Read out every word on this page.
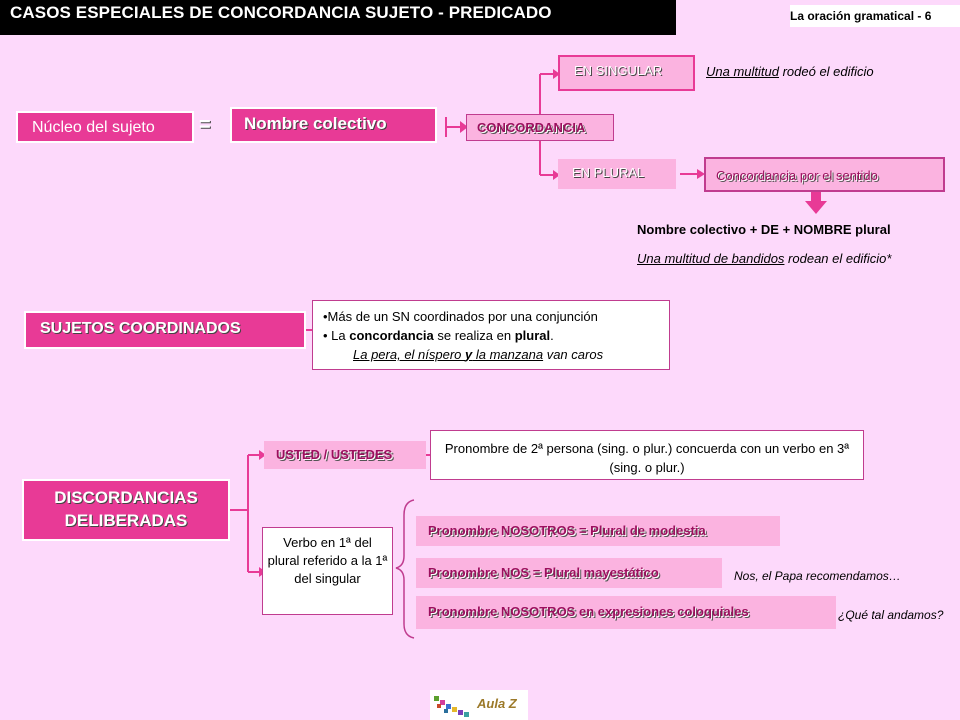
CASOS ESPECIALES DE CONCORDANCIA SUJETO - PREDICADO	La oración gramatical - 6
Núcleo del sujeto	=	Nombre colectivo	CONCORDANCIA
EN SINGULAR	Una multitud rodeó el edificio
EN PLURAL	Concordancia por el sentido
Nombre colectivo + DE + NOMBRE plural
Una multitud de bandidos rodean el edificio*
SUJETOS COORDINADOS
•Más de un SN coordinados por una conjunción
• La concordancia se realiza en plural.
La pera, el níspero y la manzana van caros
DISCORDANCIAS
DELIBERADAS
USTED / USTEDES	Pronombre de 2ª persona (sing. o plur.) concuerda con un verbo en 3ª (sing. o plur.)
Verbo en 1ª del plural referido a la 1ª del singular
Pronombre NOSOTROS = Plural de modestia
Pronombre NOS = Plural mayestático
Pronombre NOSOTROS en expresiones coloquiales
Nos, el Papa recomendamos…
¿Qué tal andamos?
Aula Z
